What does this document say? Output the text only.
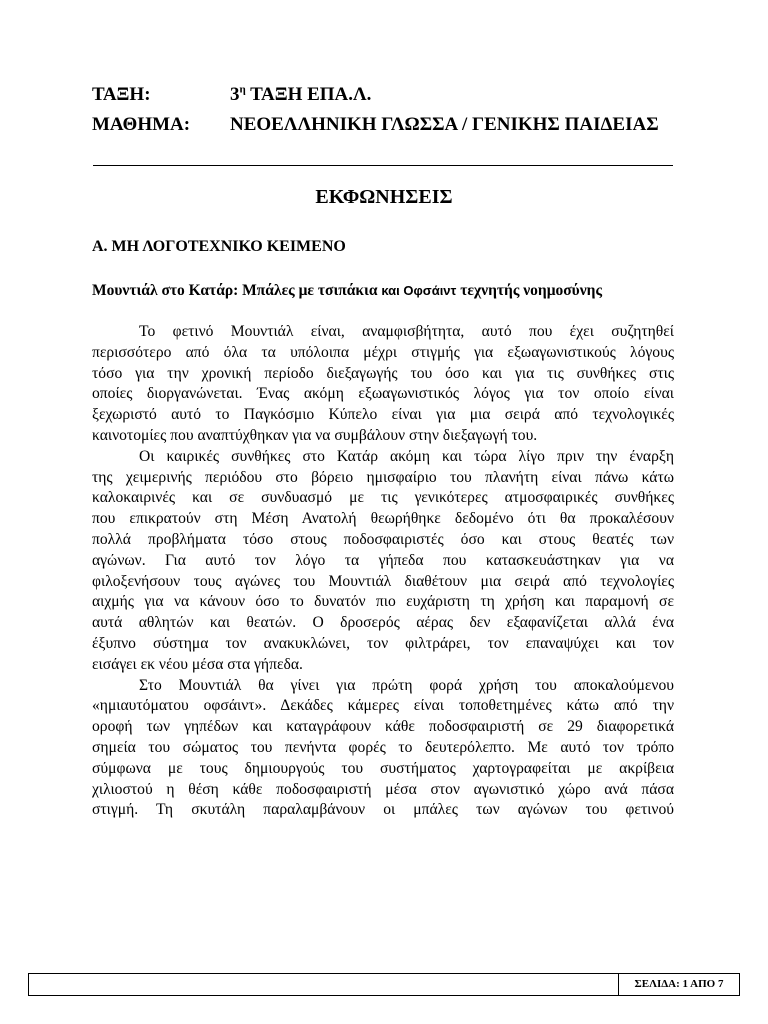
ΤΑΞΗ:	$3^\eta$ ΤΑΞΗ ΕΠΑ.Λ.
ΜΑΘΗΜΑ: ΝΕΟΕΛΛΗΝΙΚΗ ΓΛΩΣΣΑ / ΓΕΝΙΚΗΣ ΠΑΙΔΕΙΑΣ
ΕΚΦΩΝΗΣΕΙΣ
Α. ΜΗ ΛΟΓΟΤΕΧΝΙΚΟ ΚΕΙΜΕΝΟ
Μουντιάλ στο Κατάρ: Μπάλες με τσιπάκια και Οφσάιντ τεχνητής νοημοσύνης
Το φετινό Μουντιάλ είναι, αναμφισβήτητα, αυτό που έχει συζητηθεί
περισσότερο από όλα τα υπόλοιπα μέχρι στιγμής για εξωαγωνιστικούς λόγους
τόσο για την χρονική περίοδο διεξαγωγής του όσο και για τις συνθήκες στις
οποίες διοργανώνεται. Ένας ακόμη εξωαγωνιστικός λόγος για τον οποίο είναι
ξεχωριστό αυτό το Παγκόσμιο Κύπελο είναι για μια σειρά από τεχνολογικές
καινοτομίες που αναπτύχθηκαν για να συμβάλουν στην διεξαγωγή του.
Οι καιρικές συνθήκες στο Κατάρ ακόμη και τώρα λίγο πριν την έναρξη
της χειμερινής περιόδου στο βόρειο ημισφαίριο του πλανήτη είναι πάνω κάτω
καλοκαιρινές και σε συνδυασμό με τις γενικότερες ατμοσφαιρικές συνθήκες
που επικρατούν στη Μέση Ανατολή θεωρήθηκε δεδομένο ότι θα προκαλέσουν
πολλά προβλήματα τόσο στους ποδοσφαιριστές όσο και στους θεατές των
αγώνων. Για αυτό τον λόγο τα γήπεδα που κατασκευάστηκαν για να
φιλοξενήσουν τους αγώνες του Μουντιάλ διαθέτουν μια σειρά από τεχνολογίες
αιχμής για να κάνουν όσο το δυνατόν πιο ευχάριστη τη χρήση και παραμονή σε
αυτά αθλητών και θεατών. Ο δροσερός αέρας δεν εξαφανίζεται αλλά ένα
έξυπνο σύστημα τον ανακυκλώνει, τον φιλτράρει, τον επαναψύχει και τον
εισάγει εκ νέου μέσα στα γήπεδα.
Στο Μουντιάλ θα γίνει για πρώτη φορά χρήση του αποκαλούμενου
«ημιαυτόματου οφσάιντ». Δεκάδες κάμερες είναι τοποθετημένες κάτω από την
οροφή των γηπέδων και καταγράφουν κάθε ποδοσφαιριστή σε 29 διαφορετικά
σημεία του σώματος του πενήντα φορές το δευτερόλεπτο. Με αυτό τον τρόπο
σύμφωνα με τους δημιουργούς του συστήματος χαρτογραφείται με ακρίβεια
χιλιοστού η θέση κάθε ποδοσφαιριστή μέσα στον αγωνιστικό χώρο ανά πάσα
στιγμή. Τη σκυτάλη παραλαμβάνουν οι μπάλες των αγώνων του φετινού
ΣΕΛΙΔΑ: 1 ΑΠΟ 7
